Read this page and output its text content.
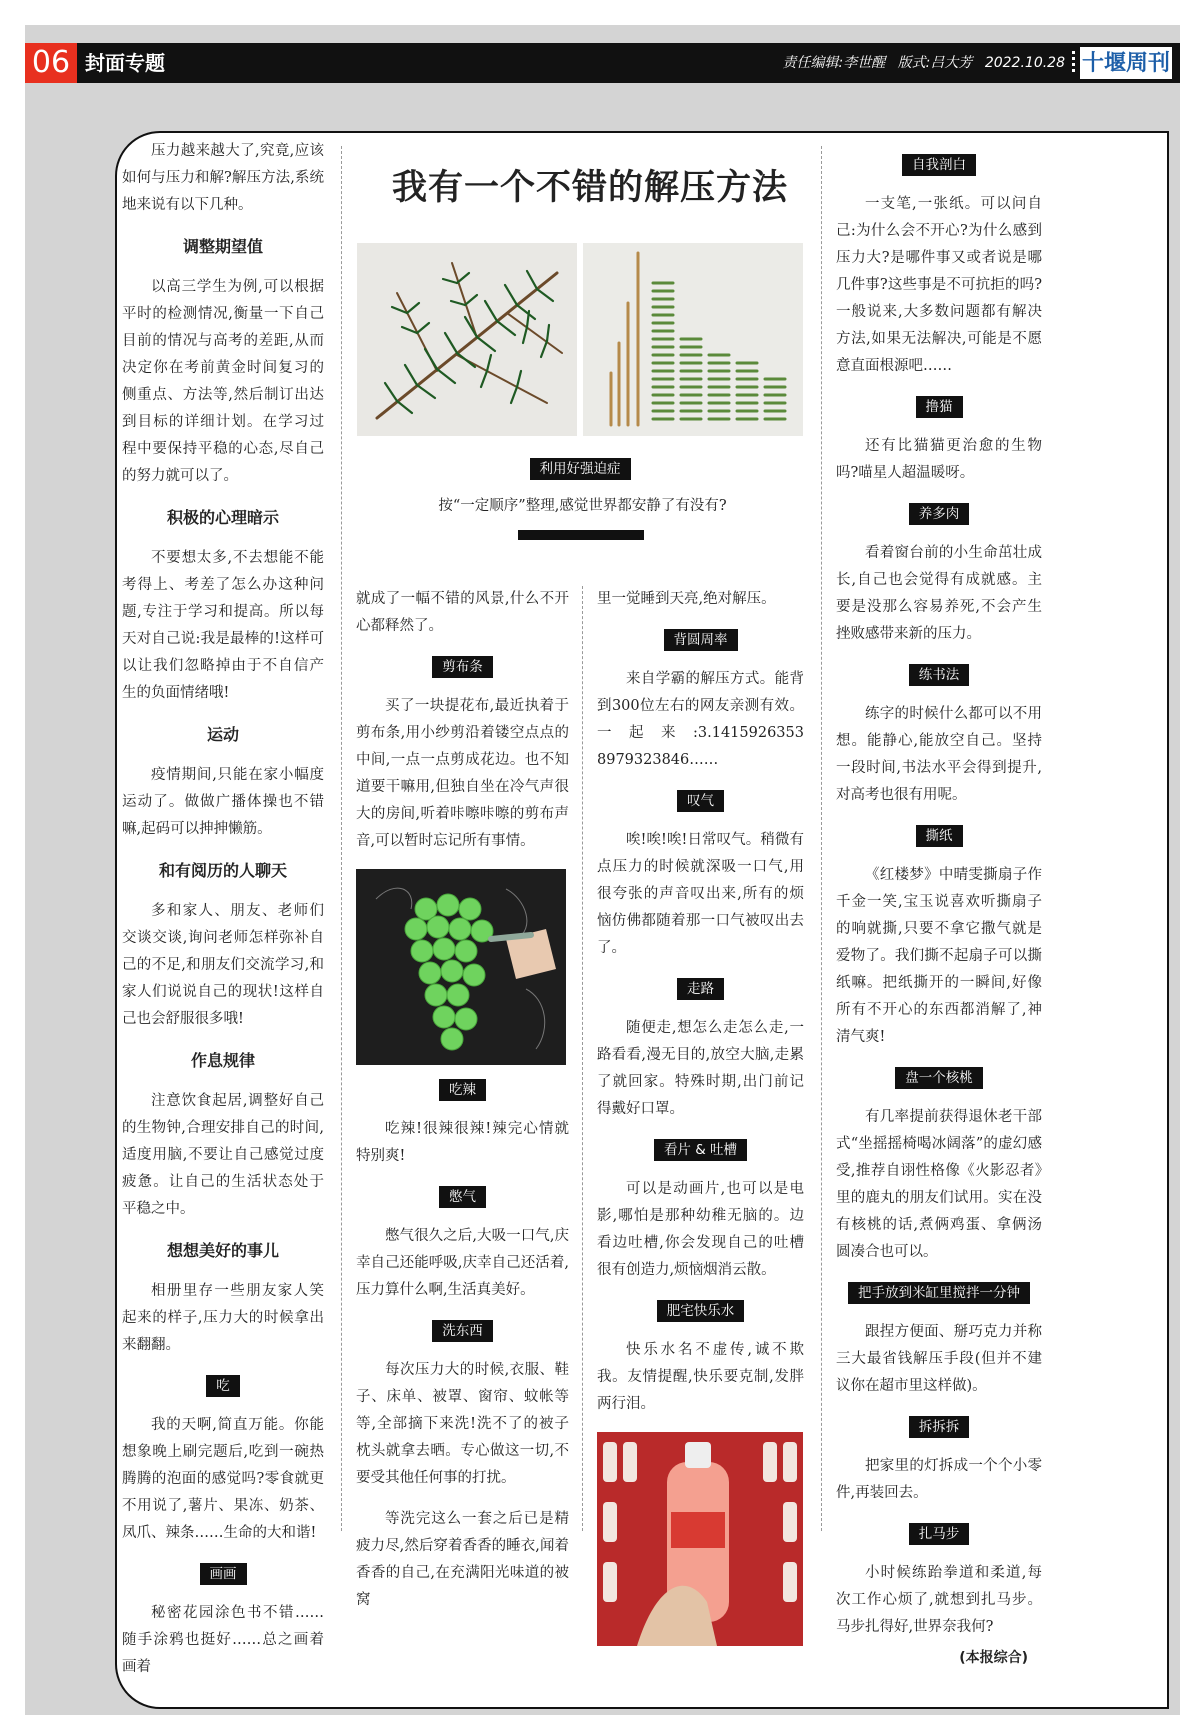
06 封面专题	责任编辑:李世醒 版式:吕大芳 2022.10.28 十堰周刊

压力越来越大了,究竟,应该如何与压力和解?解压方法,系统地来说有以下几种。

调整期望值

以高三学生为例,可以根据平时的检测情况,衡量一下自己目前的情况与高考的差距,从而决定你在考前黄金时间复习的侧重点、方法等,然后制订出达到目标的详细计划。在学习过程中要保持平稳的心态,尽自己的努力就可以了。

积极的心理暗示

不要想太多,不去想能不能考得上、考差了怎么办这种问题,专注于学习和提高。所以每天对自己说:我是最棒的!这样可以让我们忽略掉由于不自信产生的负面情绪哦!

运动

疫情期间,只能在家小幅度运动了。做做广播体操也不错嘛,起码可以抻抻懒筋。

和有阅历的人聊天

多和家人、朋友、老师们交谈交谈,询问老师怎样弥补自己的不足,和朋友们交流学习,和家人们说说自己的现状!这样自己也会舒服很多哦!

作息规律

注意饮食起居,调整好自己的生物钟,合理安排自己的时间,适度用脑,不要让自己感觉过度疲惫。让自己的生活状态处于平稳之中。

想想美好的事儿

相册里存一些朋友家人笑起来的样子,压力大的时候拿出来翻翻。

吃

我的天啊,简直万能。你能想象晚上刷完题后,吃到一碗热腾腾的泡面的感觉吗?零食就更不用说了,薯片、果冻、奶茶、凤爪、辣条……生命的大和谐!

画画

秘密花园涂色书不错……随手涂鸦也挺好……总之画着画着

我有一个不错的解压方法
利用好强迫症
按“一定顺序”整理,感觉世界都安静了有没有?

就成了一幅不错的风景,什么不开心都释然了。

剪布条

买了一块提花布,最近执着于剪布条,用小纱剪沿着镂空点点的中间,一点一点剪成花边。也不知道要干嘛用,但独自坐在冷气声很大的房间,听着咔嚓咔嚓的剪布声音,可以暂时忘记所有事情。

吃辣

吃辣!很辣很辣!辣完心情就特别爽!

憋气

憋气很久之后,大吸一口气,庆幸自己还能呼吸,庆幸自己还活着,压力算什么啊,生活真美好。

洗东西

每次压力大的时候,衣服、鞋子、床单、被罩、窗帘、蚊帐等等,全部摘下来洗!洗不了的被子枕头就拿去晒。专心做这一切,不要受其他任何事的打扰。

等洗完这么一套之后已是精疲力尽,然后穿着香香的睡衣,闻着香香的自己,在充满阳光味道的被窝

里一觉睡到天亮,绝对解压。

背圆周率

来自学霸的解压方式。能背到300位左右的网友亲测有效。一起来:3.1415926353 8979323846……

叹气

唉!唉!唉!日常叹气。稍微有点压力的时候就深吸一口气,用很夸张的声音叹出来,所有的烦恼仿佛都随着那一口气被叹出去了。

走路

随便走,想怎么走怎么走,一路看看,漫无目的,放空大脑,走累了就回家。特殊时期,出门前记得戴好口罩。

看片 & 吐槽

可以是动画片,也可以是电影,哪怕是那种幼稚无脑的。边看边吐槽,你会发现自己的吐槽很有创造力,烦恼烟消云散。

肥宅快乐水

快乐水名不虚传,诚不欺我。友情提醒,快乐要克制,发胖两行泪。

自我剖白

一支笔,一张纸。可以问自己:为什么会不开心?为什么感到压力大?是哪件事又或者说是哪几件事?这些事是不可抗拒的吗?一般说来,大多数问题都有解决方法,如果无法解决,可能是不愿意直面根源吧……

撸猫

还有比猫猫更治愈的生物吗?喵星人超温暖呀。

养多肉

看着窗台前的小生命茁壮成长,自己也会觉得有成就感。主要是没那么容易养死,不会产生挫败感带来新的压力。

练书法

练字的时候什么都可以不用想。能静心,能放空自己。坚持一段时间,书法水平会得到提升,对高考也很有用呢。

撕纸

《红楼梦》中晴雯撕扇子作千金一笑,宝玉说喜欢听撕扇子的响就撕,只要不拿它撒气就是爱物了。我们撕不起扇子可以撕纸嘛。把纸撕开的一瞬间,好像所有不开心的东西都消解了,神清气爽!

盘一个核桃

有几率提前获得退休老干部式“坐摇摇椅喝冰阔落”的虚幻感受,推荐自诩性格像《火影忍者》里的鹿丸的朋友们试用。实在没有核桃的话,煮俩鸡蛋、拿俩汤圆凑合也可以。

把手放到米缸里搅拌一分钟

跟捏方便面、掰巧克力并称三大最省钱解压手段(但并不建议你在超市里这样做)。

拆拆拆

把家里的灯拆成一个个小零件,再装回去。

扎马步

小时候练跆拳道和柔道,每次工作心烦了,就想到扎马步。马步扎得好,世界奈我何?

(本报综合)
